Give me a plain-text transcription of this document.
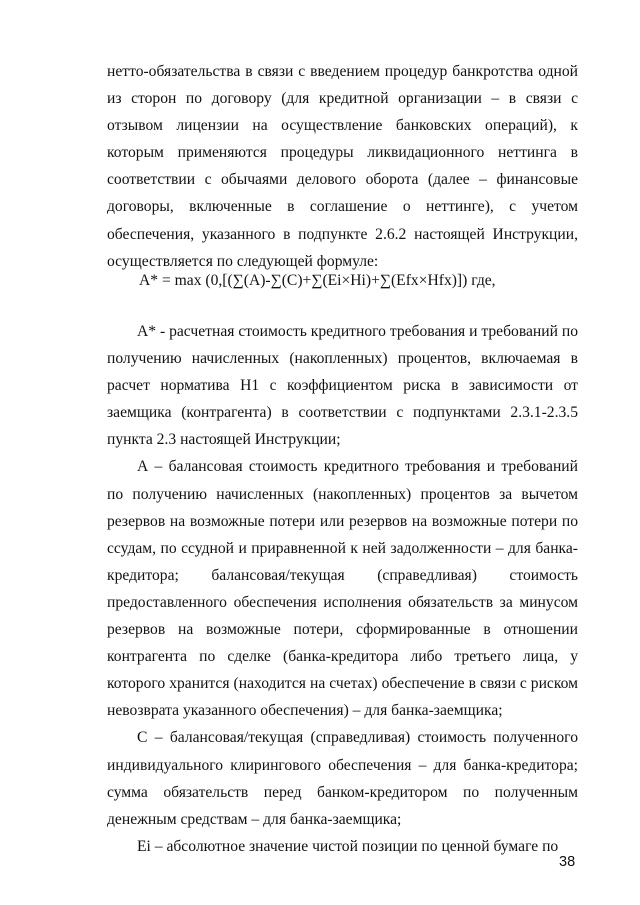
нетто-обязательства в связи с введением процедур банкротства одной из сторон по договору (для кредитной организации – в связи с отзывом лицензии на осуществление банковских операций), к которым применяются процедуры ликвидационного неттинга в соответствии с обычаями делового оборота (далее – финансовые договоры, включенные в соглашение о неттинге), с учетом обеспечения, указанного в подпункте 2.6.2 настоящей Инструкции, осуществляется по следующей формуле:

А* = max (0,[(∑(A)-∑(C)+∑(Ei×Hi)+∑(Efx×Hfx)]) где,

А* - расчетная стоимость кредитного требования и требований по получению начисленных (накопленных) процентов, включаемая в расчет норматива Н1 с коэффициентом риска в зависимости от заемщика (контрагента) в соответствии с подпунктами 2.3.1-2.3.5 пункта 2.3 настоящей Инструкции;

А – балансовая стоимость кредитного требования и требований по получению начисленных (накопленных) процентов за вычетом резервов на возможные потери или резервов на возможные потери по ссудам, по ссудной и приравненной к ней задолженности – для банка-кредитора; балансовая/текущая (справедливая) стоимость предоставленного обеспечения исполнения обязательств за минусом резервов на возможные потери, сформированные в отношении контрагента по сделке (банка-кредитора либо третьего лица, у которого хранится (находится на счетах) обеспечение в связи с риском невозврата указанного обеспечения) – для банка-заемщика;

С – балансовая/текущая (справедливая) стоимость полученного индивидуального клирингового обеспечения – для банка-кредитора; сумма обязательств перед банком-кредитором по полученным денежным средствам – для банка-заемщика;

Ei – абсолютное значение чистой позиции по ценной бумаге по

38
